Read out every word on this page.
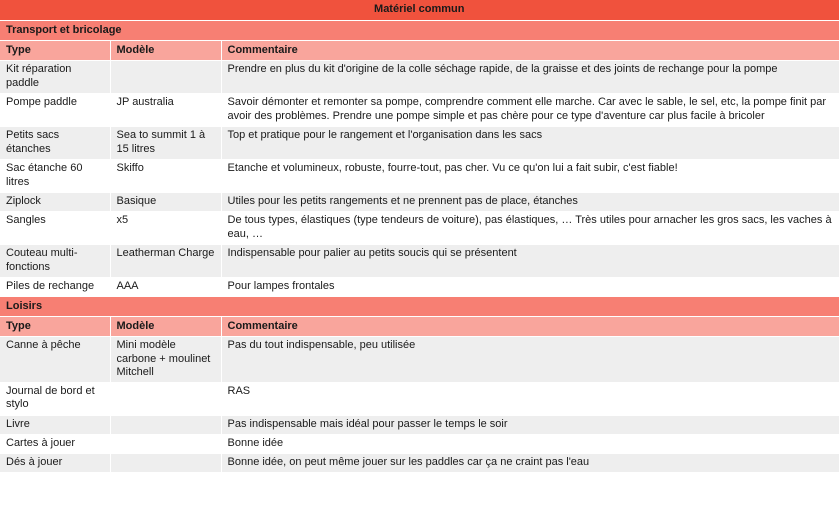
Matériel commun		
Transport et bricolage		
Type	Modèle	Commentaire
Kit réparation paddle		Prendre en plus du kit d'origine de la colle séchage rapide, de la graisse et des joints de rechange pour la pompe
Pompe paddle	JP australia	Savoir démonter et remonter sa pompe, comprendre comment elle marche. Car avec le sable, le sel, etc, la pompe finit par avoir des problèmes. Prendre une pompe simple et pas chère pour ce type d'aventure car plus facile à bricoler
Petits sacs étanches	Sea to summit 1 à 15 litres	Top et pratique pour le rangement et l'organisation dans les sacs
Sac étanche 60 litres	Skiffo	Etanche et volumineux, robuste, fourre-tout, pas cher. Vu ce qu'on lui a fait subir, c'est fiable!
Ziplock	Basique	Utiles pour les petits rangements et ne prennent pas de place, étanches
Sangles	x5	De tous types, élastiques (type tendeurs de voiture), pas élastiques, … Très utiles pour arnacher les gros sacs, les vaches à eau, …
Couteau multi-fonctions	Leatherman Charge	Indispensable pour palier au petits soucis qui se présentent
Piles de rechange	AAA	Pour lampes frontales
Loisirs		
Type	Modèle	Commentaire
Canne à pêche	Mini modèle carbone + moulinet Mitchell	Pas du tout indispensable, peu utilisée
Journal de bord et stylo		RAS
Livre		Pas indispensable mais idéal pour passer le temps le soir
Cartes à jouer		Bonne idée
Dés à jouer		Bonne idée, on peut même jouer sur les paddles car ça ne craint pas l'eau
